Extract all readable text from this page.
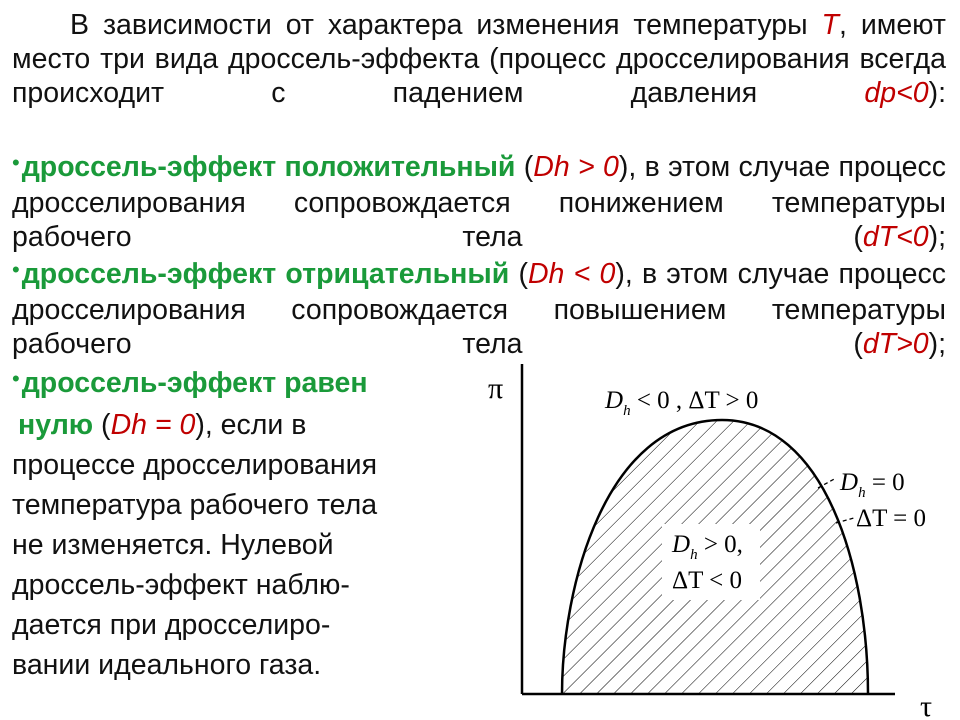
В зависимости от характера изменения температуры T, имеют место три вида дроссель-эффекта (процесс дросселирования всегда происходит с падением давления dp<0):
•дроссель-эффект положительный (Dh > 0), в этом случае процесс дросселирования сопровождается понижением температуры рабочего тела (dT<0);
•дроссель-эффект отрицательный (Dh < 0), в этом случае процесс дросселирования сопровождается повышением температуры рабочего тела (dT>0);
•дроссель-эффект равен
нулю (Dh = 0), если в
процессе дросселирования
температура рабочего тела
не изменяется. Нулевой
дроссель-эффект наблю-
дается при дросселиро-
вании идеального газа.
π
τ
$D_h < 0$ , ΔT > 0
$D_h = 0$
ΔT = 0
$D_h > 0$,
ΔT < 0
